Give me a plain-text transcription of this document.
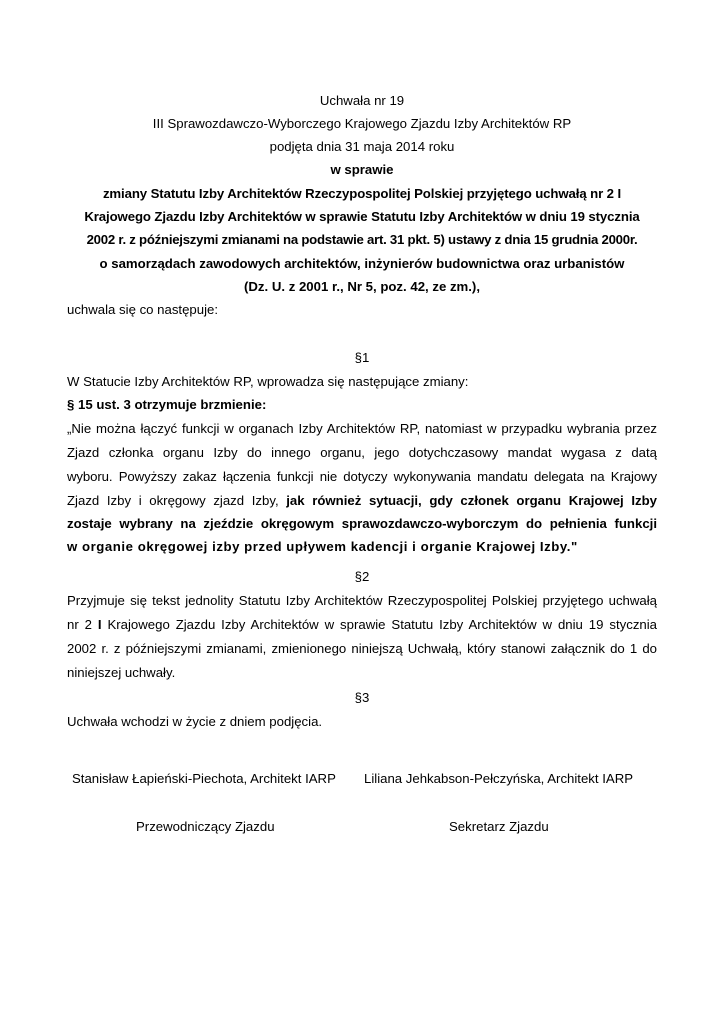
Uchwała nr 19
III Sprawozdawczo-Wyborczego Krajowego Zjazdu Izby Architektów RP
podjęta dnia 31 maja 2014 roku
w sprawie
zmiany Statutu Izby Architektów Rzeczypospolitej Polskiej przyjętego uchwałą nr 2 I
Krajowego Zjazdu Izby Architektów w sprawie Statutu Izby Architektów w dniu 19 stycznia
2002 r. z późniejszymi zmianami na podstawie art. 31 pkt. 5) ustawy z dnia 15 grudnia 2000r.
o samorządach zawodowych architektów, inżynierów budownictwa oraz urbanistów
(Dz. U. z 2001 r., Nr 5, poz. 42, ze zm.),
uchwala się co następuje:
§1
W Statucie Izby Architektów RP, wprowadza się następujące zmiany:
§ 15 ust. 3 otrzymuje brzmienie:
„Nie można łączyć funkcji w organach Izby Architektów RP, natomiast w przypadku wybrania przez
Zjazd członka organu Izby do innego organu, jego dotychczasowy mandat wygasa z datą
wyboru. Powyższy zakaz łączenia funkcji nie dotyczy wykonywania mandatu delegata na Krajowy
Zjazd Izby i okręgowy zjazd Izby, jak również sytuacji, gdy członek organu Krajowej Izby
zostaje wybrany na zjeździe okręgowym sprawozdawczo-wyborczym do pełnienia funkcji
w organie okręgowej izby przed upływem kadencji i organie Krajowej Izby."
§2
Przyjmuje się tekst jednolity Statutu Izby Architektów Rzeczypospolitej Polskiej przyjętego uchwałą
nr 2 I Krajowego Zjazdu Izby Architektów w sprawie Statutu Izby Architektów w dniu 19 stycznia
2002 r. z późniejszymi zmianami, zmienionego niniejszą Uchwałą, który stanowi załącznik do 1 do
niniejszej uchwały.
§3
Uchwała wchodzi w życie z dniem podjęcia.
Stanisław Łapieński-Piechota, Architekt IARP Liliana Jehkabson-Pełczyńska, Architekt IARP
Przewodniczący Zjazdu	Sekretarz Zjazdu
